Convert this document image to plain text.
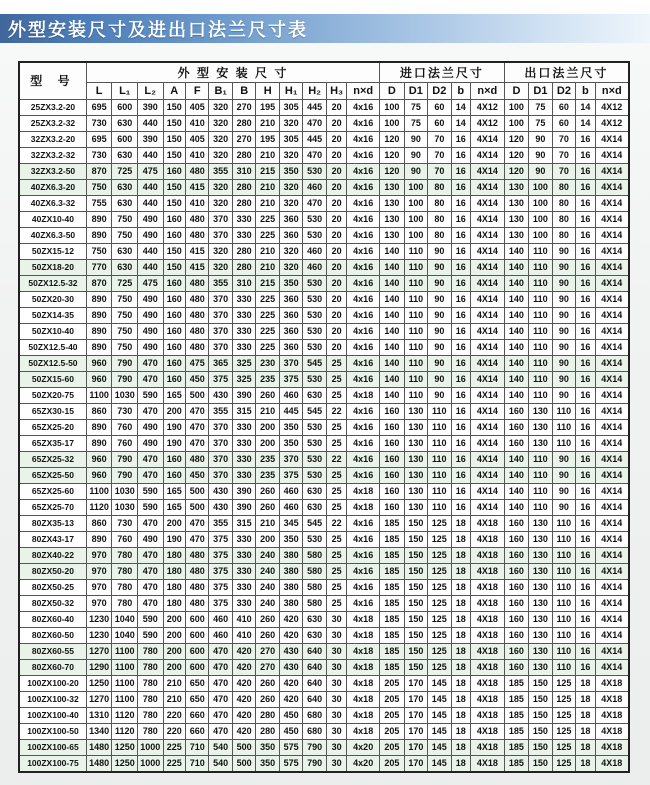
外型安装尺寸及进出口法兰尺寸表
型 号	外 型 安 装 尺 寸												进口法兰尺寸					出口法兰尺寸				
	L	L₁	L₂	A	F	B₁	B	H	H₁	H₂	H₃	n×d	D	D1	D2	b	n×d	D	D1	D2	b	n×d
25ZX3.2-20	695	600	390	150	405	320	270	195	305	445	20	4x16	100	75	60	14	4X12	100	75	60	14	4X12
25ZX3.2-32	730	630	440	150	410	320	280	210	320	470	20	4x16	100	75	60	14	4X12	100	75	60	14	4X12
32ZX3.2-20	695	600	390	150	405	320	270	195	305	445	20	4x16	120	90	70	16	4X14	120	90	70	16	4X14
32ZX3.2-32	730	630	440	150	410	320	280	210	320	470	20	4x16	120	90	70	16	4X14	120	90	70	16	4X14
32ZX3.2-50	870	725	475	160	480	355	310	215	350	530	20	4x16	120	90	70	16	4X14	120	90	70	16	4X14
40ZX6.3-20	750	630	440	150	415	320	280	210	320	460	20	4x16	130	100	80	16	4X14	130	100	80	16	4X14
40ZX6.3-32	755	630	440	150	410	320	280	210	320	470	20	4x16	130	100	80	16	4X14	130	100	80	16	4X14
40ZX10-40	890	750	490	160	480	370	330	225	360	530	20	4x16	130	100	80	16	4X14	130	100	80	16	4X14
40ZX6.3-50	890	750	490	160	480	370	330	225	360	530	20	4x16	130	100	80	16	4X14	130	100	80	16	4X14
50ZX15-12	750	630	440	150	415	320	280	210	320	460	20	4x16	140	110	90	16	4X14	140	110	90	16	4X14
50ZX18-20	770	630	440	150	415	320	280	210	320	460	20	4x16	140	110	90	16	4X14	140	110	90	16	4X14
50ZX12.5-32	870	725	475	160	480	355	310	215	350	530	20	4x16	140	110	90	16	4X14	140	110	90	16	4X14
50ZX20-30	890	750	490	160	480	370	330	225	360	530	20	4x16	140	110	90	16	4X14	140	110	90	16	4X14
50ZX14-35	890	750	490	160	480	370	330	225	360	530	20	4x16	140	110	90	16	4X14	140	110	90	16	4X14
50ZX10-40	890	750	490	160	480	370	330	225	360	530	20	4x16	140	110	90	16	4X14	140	110	90	16	4X14
50ZX12.5-40	890	750	490	160	480	370	330	225	360	530	20	4x16	140	110	90	16	4X14	140	110	90	16	4X14
50ZX12.5-50	960	790	470	160	475	365	325	230	370	545	25	4x16	140	110	90	16	4X14	140	110	90	16	4X14
50ZX15-60	960	790	470	160	450	375	325	235	375	530	25	4x16	140	110	90	16	4X14	140	110	90	16	4X14
50ZX20-75	1100	1030	590	165	500	430	390	260	460	630	25	4x18	140	110	90	16	4X14	140	110	90	16	4X14
65ZX30-15	860	730	470	200	470	355	315	210	445	545	22	4x16	160	130	110	16	4X14	160	130	110	16	4X14
65ZX25-20	890	760	490	190	470	370	330	200	350	530	25	4x16	160	130	110	16	4X14	160	130	110	16	4X14
65ZX35-17	890	760	490	190	470	370	330	200	350	530	25	4x16	160	130	110	16	4X14	160	130	110	16	4X14
65ZX25-32	960	790	470	160	480	370	330	235	370	530	22	4x16	160	130	110	16	4X14	140	110	90	16	4X14
65ZX25-50	960	790	470	160	450	370	330	235	375	530	25	4x16	160	130	110	16	4X14	140	110	90	16	4X14
65ZX25-60	1100	1030	590	165	500	430	390	260	460	630	25	4x18	160	130	110	16	4X14	140	110	90	16	4X14
65ZX25-70	1120	1030	590	165	500	430	390	260	460	630	25	4x18	160	130	110	16	4X14	140	110	90	16	4X14
80ZX35-13	860	730	470	200	470	355	315	210	345	545	22	4x16	185	150	125	18	4X18	160	130	110	16	4X14
80ZX43-17	890	760	490	190	470	375	330	200	350	530	25	4x16	185	150	125	18	4X18	160	130	110	16	4X14
80ZX40-22	970	780	470	180	480	375	330	240	380	580	25	4x16	185	150	125	18	4X18	160	130	110	16	4X14
80ZX50-20	970	780	470	180	480	375	330	240	380	580	25	4x16	185	150	125	18	4X18	160	130	110	16	4X14
80ZX50-25	970	780	470	180	480	375	330	240	380	580	25	4x16	185	150	125	18	4X18	160	130	110	16	4X14
80ZX50-32	970	780	470	180	480	375	330	240	380	580	25	4x16	185	150	125	18	4X18	160	130	110	16	4X14
80ZX60-40	1230	1040	590	200	600	460	410	260	420	630	30	4x18	185	150	125	18	4X18	160	130	110	16	4X14
80ZX60-50	1230	1040	590	200	600	460	410	260	420	630	30	4x18	185	150	125	18	4X18	160	130	110	16	4X14
80ZX60-55	1270	1100	780	200	600	470	420	270	430	640	30	4x18	185	150	125	18	4X18	160	130	110	16	4X14
80ZX60-70	1290	1100	780	200	600	470	420	270	430	640	30	4x18	185	150	125	18	4X18	160	130	110	16	4X14
100ZX100-20	1250	1100	780	210	650	470	420	260	420	640	30	4x18	205	170	145	18	4X18	185	150	125	18	4X18
100ZX100-32	1270	1100	780	210	650	470	420	260	420	640	30	4x18	205	170	145	18	4X18	185	150	125	18	4X18
100ZX100-40	1310	1120	780	220	660	470	420	280	450	680	30	4x18	205	170	145	18	4X18	185	150	125	18	4X18
100ZX100-50	1340	1120	780	220	660	470	420	280	450	680	30	4x18	205	170	145	18	4X18	185	150	125	18	4X18
100ZX100-65	1480	1250	1000	225	710	540	500	350	575	790	30	4x20	205	170	145	18	4X18	185	150	125	18	4X18
100ZX100-75	1480	1250	1000	225	710	540	500	350	575	790	30	4x20	205	170	145	18	4X18	185	150	125	18	4X18
